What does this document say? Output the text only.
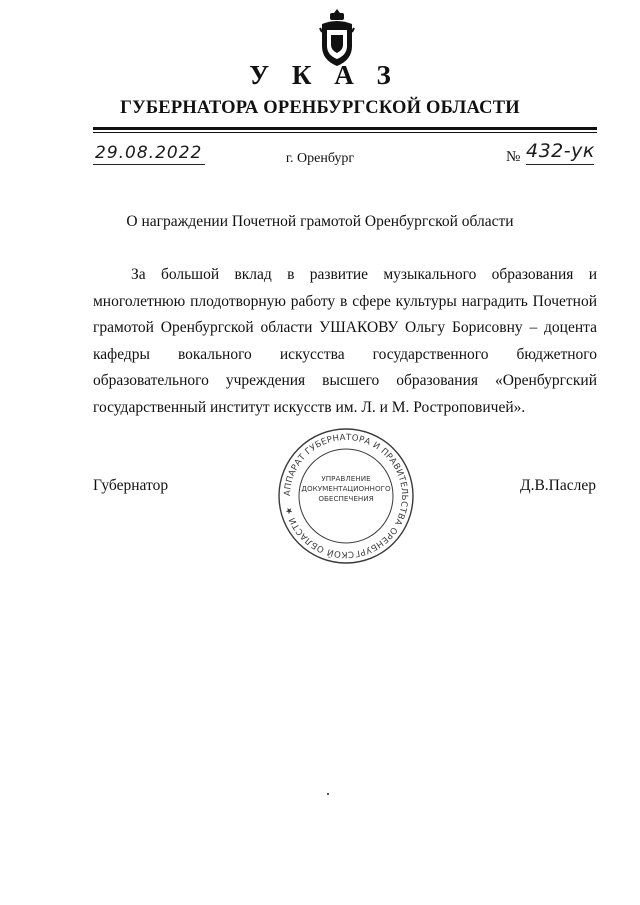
У К А З
ГУБЕРНАТОРА ОРЕНБУРГСКОЙ ОБЛАСТИ
29.08.2022	г. Оренбург	№ 432-ук
О награждении Почетной грамотой Оренбургской области
За большой вклад в развитие музыкального образования и многолетнюю плодотворную работу в сфере культуры наградить Почетной грамотой Оренбургской области УШАКОВУ Ольгу Борисовну – доцента кафедры вокального искусства государственного бюджетного образовательного учреждения высшего образования «Оренбургский государственный институт искусств им. Л. и М. Ростроповичей».
Губернатор	Д.В.Паслер
АППАРАТ ГУБЕРНАТОРА И ПРАВИТЕЛЬСТВА ОРЕНБУРГСКОЙ ОБЛАСТИ ★
УПРАВЛЕНИЕ
ДОКУМЕНТАЦИОННОГО
ОБЕСПЕЧЕНИЯ
